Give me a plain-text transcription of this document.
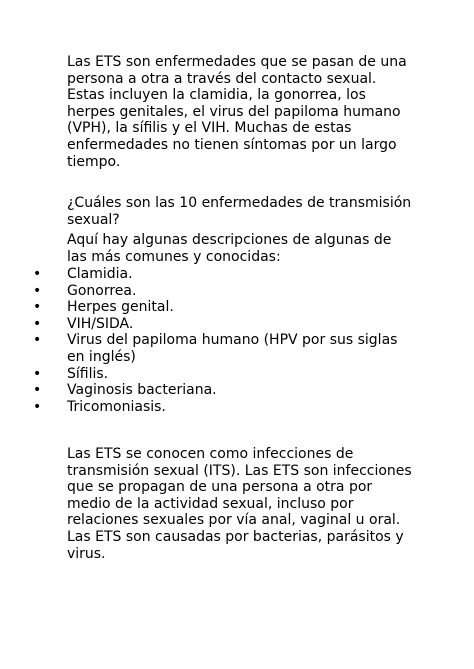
Las ETS son enfermedades que se pasan de una persona a otra a través del contacto sexual. Estas incluyen la clamidia, la gonorrea, los herpes genitales, el virus del papiloma humano (VPH), la sífilis y el VIH. Muchas de estas enfermedades no tienen síntomas por un largo tiempo.

¿Cuáles son las 10 enfermedades de transmisión sexual?

Aquí hay algunas descripciones de algunas de las más comunes y conocidas:

• Clamidia.
• Gonorrea.
• Herpes genital.
• VIH/SIDA.
• Virus del papiloma humano (HPV por sus siglas en inglés)
• Sífilis.
• Vaginosis bacteriana.
• Tricomoniasis.

Las ETS se conocen como infecciones de transmisión sexual (ITS). Las ETS son infecciones que se propagan de una persona a otra por medio de la actividad sexual, incluso por relaciones sexuales por vía anal, vaginal u oral. Las ETS son causadas por bacterias, parásitos y virus.
